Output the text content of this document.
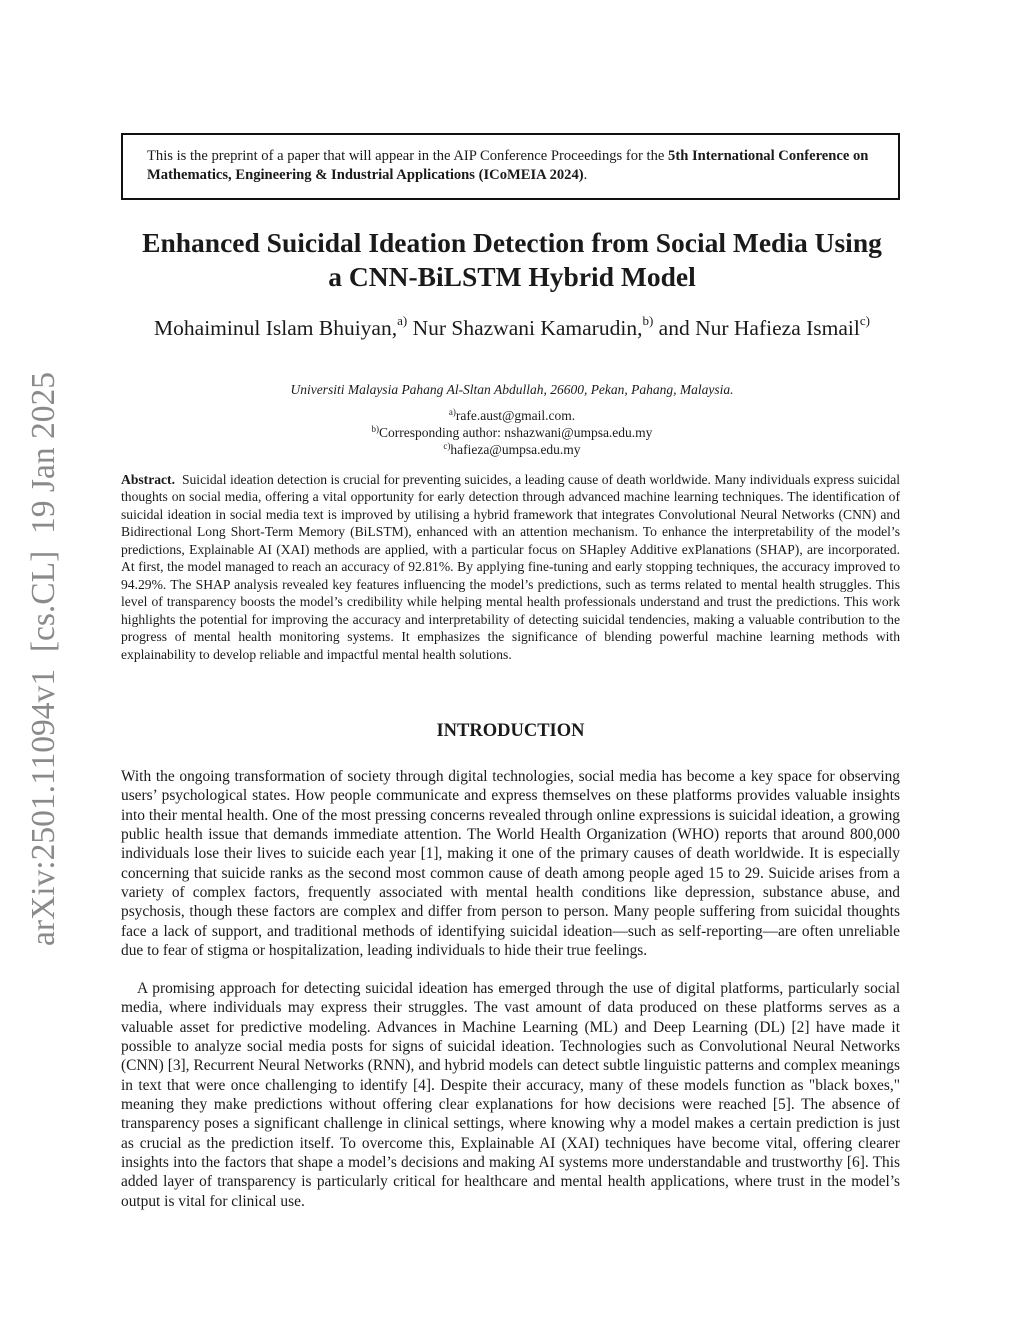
arXiv:2501.11094v1  [cs.CL]  19 Jan 2025
This is the preprint of a paper that will appear in the AIP Conference Proceedings for the 5th International Conference on Mathematics, Engineering & Industrial Applications (ICoMEIA 2024).
Enhanced Suicidal Ideation Detection from Social Media Using
a CNN-BiLSTM Hybrid Model
Mohaiminul Islam Bhuiyan,$^{a)}$ Nur Shazwani Kamarudin,$^{b)}$ and Nur Hafieza Ismail$^{c)}$
Universiti Malaysia Pahang Al-Sltan Abdullah, 26600, Pekan, Pahang, Malaysia.
$^{a)}$rafe.aust@gmail.com.
$^{b)}$Corresponding author: nshazwani@umpsa.edu.my
$^{c)}$hafieza@umpsa.edu.my

Abstract. Suicidal ideation detection is crucial for preventing suicides, a leading cause of death worldwide. Many individuals express suicidal thoughts on social media, offering a vital opportunity for early detection through advanced machine learning techniques. The identification of suicidal ideation in social media text is improved by utilising a hybrid framework that integrates Convolutional Neural Networks (CNN) and Bidirectional Long Short-Term Memory (BiLSTM), enhanced with an attention mechanism. To enhance the interpretability of the model’s predictions, Explainable AI (XAI) methods are applied, with a particular focus on SHapley Additive exPlanations (SHAP), are incorporated. At first, the model managed to reach an accuracy of 92.81%. By applying fine-tuning and early stopping techniques, the accuracy improved to 94.29%. The SHAP analysis revealed key features influencing the model’s predictions, such as terms related to mental health struggles. This level of transparency boosts the model’s credibility while helping mental health professionals understand and trust the predictions. This work highlights the potential for improving the accuracy and interpretability of detecting suicidal tendencies, making a valuable contribution to the progress of mental health monitoring systems. It emphasizes the significance of blending powerful machine learning methods with explainability to develop reliable and impactful mental health solutions.

INTRODUCTION

With the ongoing transformation of society through digital technologies, social media has become a key space for observing users’ psychological states. How people communicate and express themselves on these platforms provides valuable insights into their mental health. One of the most pressing concerns revealed through online expressions is suicidal ideation, a growing public health issue that demands immediate attention. The World Health Organization (WHO) reports that around 800,000 individuals lose their lives to suicide each year [1], making it one of the primary causes of death worldwide. It is especially concerning that suicide ranks as the second most common cause of death among people aged 15 to 29. Suicide arises from a variety of complex factors, frequently associated with mental health conditions like depression, substance abuse, and psychosis, though these factors are complex and differ from person to person. Many people suffering from suicidal thoughts face a lack of support, and traditional methods of identifying suicidal ideation—such as self-reporting—are often unreliable due to fear of stigma or hospitalization, leading individuals to hide their true feelings.

A promising approach for detecting suicidal ideation has emerged through the use of digital platforms, particularly social media, where individuals may express their struggles. The vast amount of data produced on these platforms serves as a valuable asset for predictive modeling. Advances in Machine Learning (ML) and Deep Learning (DL) [2] have made it possible to analyze social media posts for signs of suicidal ideation. Technologies such as Convolutional Neural Networks (CNN) [3], Recurrent Neural Networks (RNN), and hybrid models can detect subtle linguistic patterns and complex meanings in text that were once challenging to identify [4]. Despite their accuracy, many of these models function as "black boxes," meaning they make predictions without offering clear explanations for how decisions were reached [5]. The absence of transparency poses a significant challenge in clinical settings, where knowing why a model makes a certain prediction is just as crucial as the prediction itself. To overcome this, Explainable AI (XAI) techniques have become vital, offering clearer insights into the factors that shape a model’s decisions and making AI systems more understandable and trustworthy [6]. This added layer of transparency is particularly critical for healthcare and mental health applications, where trust in the model’s output is vital for clinical use.
